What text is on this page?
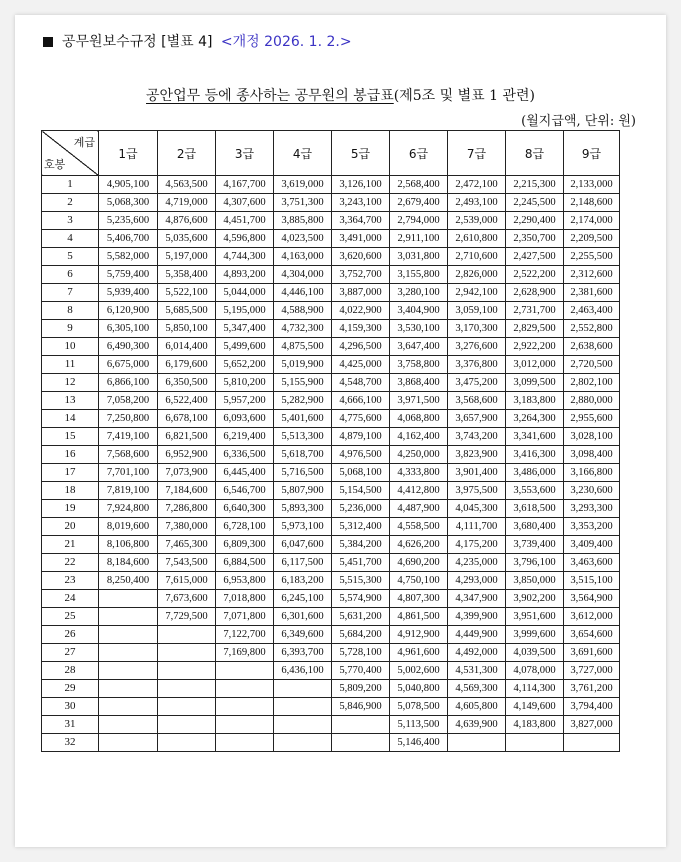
공무원보수규정 [별표 4] <개정 2026. 1. 2.>
공안업무 등에 종사하는 공무원의 봉급표(제5조 및 별표 1 관련)
(월지급액, 단위: 원)
계급
호봉	1급	2급	3급	4급	5급	6급	7급	8급	9급
1	4,905,100	4,563,500	4,167,700	3,619,000	3,126,100	2,568,400	2,472,100	2,215,300	2,133,000
2	5,068,300	4,719,000	4,307,600	3,751,300	3,243,100	2,679,400	2,493,100	2,245,500	2,148,600
3	5,235,600	4,876,600	4,451,700	3,885,800	3,364,700	2,794,000	2,539,000	2,290,400	2,174,000
4	5,406,700	5,035,600	4,596,800	4,023,500	3,491,000	2,911,100	2,610,800	2,350,700	2,209,500
5	5,582,000	5,197,000	4,744,300	4,163,000	3,620,600	3,031,800	2,710,600	2,427,500	2,255,500
6	5,759,400	5,358,400	4,893,200	4,304,000	3,752,700	3,155,800	2,826,000	2,522,200	2,312,600
7	5,939,400	5,522,100	5,044,000	4,446,100	3,887,000	3,280,100	2,942,100	2,628,900	2,381,600
8	6,120,900	5,685,500	5,195,000	4,588,900	4,022,900	3,404,900	3,059,100	2,731,700	2,463,400
9	6,305,100	5,850,100	5,347,400	4,732,300	4,159,300	3,530,100	3,170,300	2,829,500	2,552,800
10	6,490,300	6,014,400	5,499,600	4,875,500	4,296,500	3,647,400	3,276,600	2,922,200	2,638,600
11	6,675,000	6,179,600	5,652,200	5,019,900	4,425,000	3,758,800	3,376,800	3,012,000	2,720,500
12	6,866,100	6,350,500	5,810,200	5,155,900	4,548,700	3,868,400	3,475,200	3,099,500	2,802,100
13	7,058,200	6,522,400	5,957,200	5,282,900	4,666,100	3,971,500	3,568,600	3,183,800	2,880,000
14	7,250,800	6,678,100	6,093,600	5,401,600	4,775,600	4,068,800	3,657,900	3,264,300	2,955,600
15	7,419,100	6,821,500	6,219,400	5,513,300	4,879,100	4,162,400	3,743,200	3,341,600	3,028,100
16	7,568,600	6,952,900	6,336,500	5,618,700	4,976,500	4,250,000	3,823,900	3,416,300	3,098,400
17	7,701,100	7,073,900	6,445,400	5,716,500	5,068,100	4,333,800	3,901,400	3,486,000	3,166,800
18	7,819,100	7,184,600	6,546,700	5,807,900	5,154,500	4,412,800	3,975,500	3,553,600	3,230,600
19	7,924,800	7,286,800	6,640,300	5,893,300	5,236,000	4,487,900	4,045,300	3,618,500	3,293,300
20	8,019,600	7,380,000	6,728,100	5,973,100	5,312,400	4,558,500	4,111,700	3,680,400	3,353,200
21	8,106,800	7,465,300	6,809,300	6,047,600	5,384,200	4,626,200	4,175,200	3,739,400	3,409,400
22	8,184,600	7,543,500	6,884,500	6,117,500	5,451,700	4,690,200	4,235,000	3,796,100	3,463,600
23	8,250,400	7,615,000	6,953,800	6,183,200	5,515,300	4,750,100	4,293,000	3,850,000	3,515,100
24		7,673,600	7,018,800	6,245,100	5,574,900	4,807,300	4,347,900	3,902,200	3,564,900
25		7,729,500	7,071,800	6,301,600	5,631,200	4,861,500	4,399,900	3,951,600	3,612,000
26			7,122,700	6,349,600	5,684,200	4,912,900	4,449,900	3,999,600	3,654,600
27			7,169,800	6,393,700	5,728,100	4,961,600	4,492,000	4,039,500	3,691,600
28				6,436,100	5,770,400	5,002,600	4,531,300	4,078,000	3,727,000
29					5,809,200	5,040,800	4,569,300	4,114,300	3,761,200
30					5,846,900	5,078,500	4,605,800	4,149,600	3,794,400
31						5,113,500	4,639,900	4,183,800	3,827,000
32						5,146,400			
